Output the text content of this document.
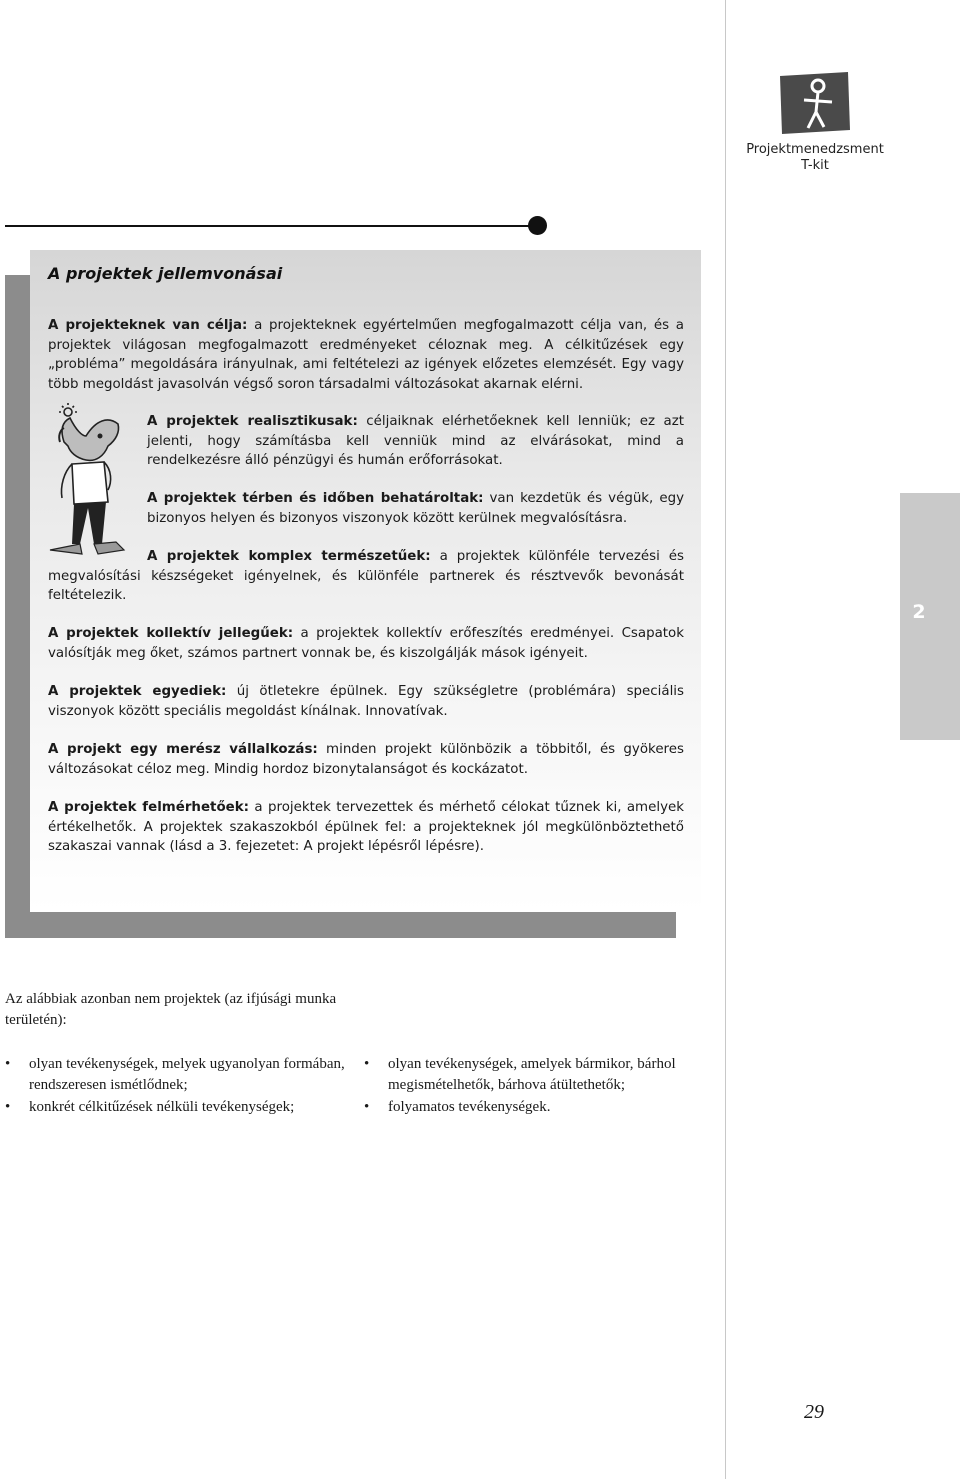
Projektmenedzsment
T-kit
A projektek jellemvonásai
A projekteknek van célja: a projekteknek egyértelműen megfogalmazott célja van, és a projektek világosan megfogalmazott eredményeket céloznak meg. A célkitűzések egy „probléma” megoldására irányulnak, ami feltételezi az igények előzetes elemzését. Egy vagy több megoldást javasolván végső soron társadalmi változásokat akarnak elérni.
A projektek realisztikusak: céljaiknak elérhetőeknek kell lenniük; ez azt jelenti, hogy számításba kell venniük mind az elvárásokat, mind a rendelkezésre álló pénzügyi és humán erőforrásokat.
A projektek térben és időben behatároltak: van kezdetük és végük, egy bizonyos helyen és bizonyos viszonyok között kerülnek megvalósításra.
A projektek komplex természetűek: a projektek különféle tervezési és megvalósítási készségeket igényelnek, és különféle partnerek és résztvevők bevonását feltételezik.
A projektek kollektív jellegűek: a projektek kollektív erőfeszítés eredményei. Csapatok valósítják meg őket, számos partnert vonnak be, és kiszolgálják mások igényeit.
A projektek egyediek: új ötletekre épülnek. Egy szükségletre (problémára) speciális viszonyok között speciális megoldást kínálnak. Innovatívak.
A projekt egy merész vállalkozás: minden projekt különbözik a többitől, és gyökeres változásokat céloz meg. Mindig hordoz bizonytalanságot és kockázatot.
A projektek felmérhetőek: a projektek tervezettek és mérhető célokat tűznek ki, amelyek értékelhetők. A projektek szakaszokból épülnek fel: a projekteknek jól megkülönböztethető szakaszai vannak (lásd a 3. fejezetet: A projekt lépésről lépésre).
2
Az alábbiak azonban nem projektek (az ifjúsági munka területén):
• olyan tevékenységek, melyek ugyanolyan formában, rendszeresen ismétlődnek;
• konkrét célkitűzések nélküli tevékenységek;
• olyan tevékenységek, amelyek bármikor, bárhol megismételhetők, bárhova átültethetők;
• folyamatos tevékenységek.
29
